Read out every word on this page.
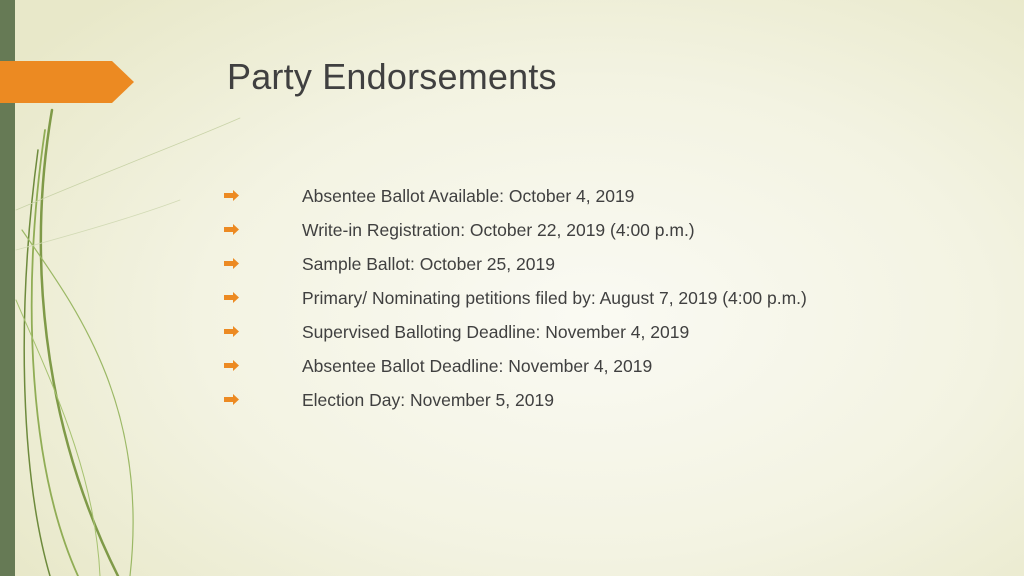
Party Endorsements
Absentee Ballot Available: October 4, 2019
Write-in Registration: October 22, 2019 (4:00 p.m.)
Sample Ballot: October 25, 2019
Primary/ Nominating petitions filed by: August 7, 2019 (4:00 p.m.)
Supervised Balloting Deadline: November 4, 2019
Absentee Ballot Deadline: November 4, 2019
Election Day: November 5, 2019
